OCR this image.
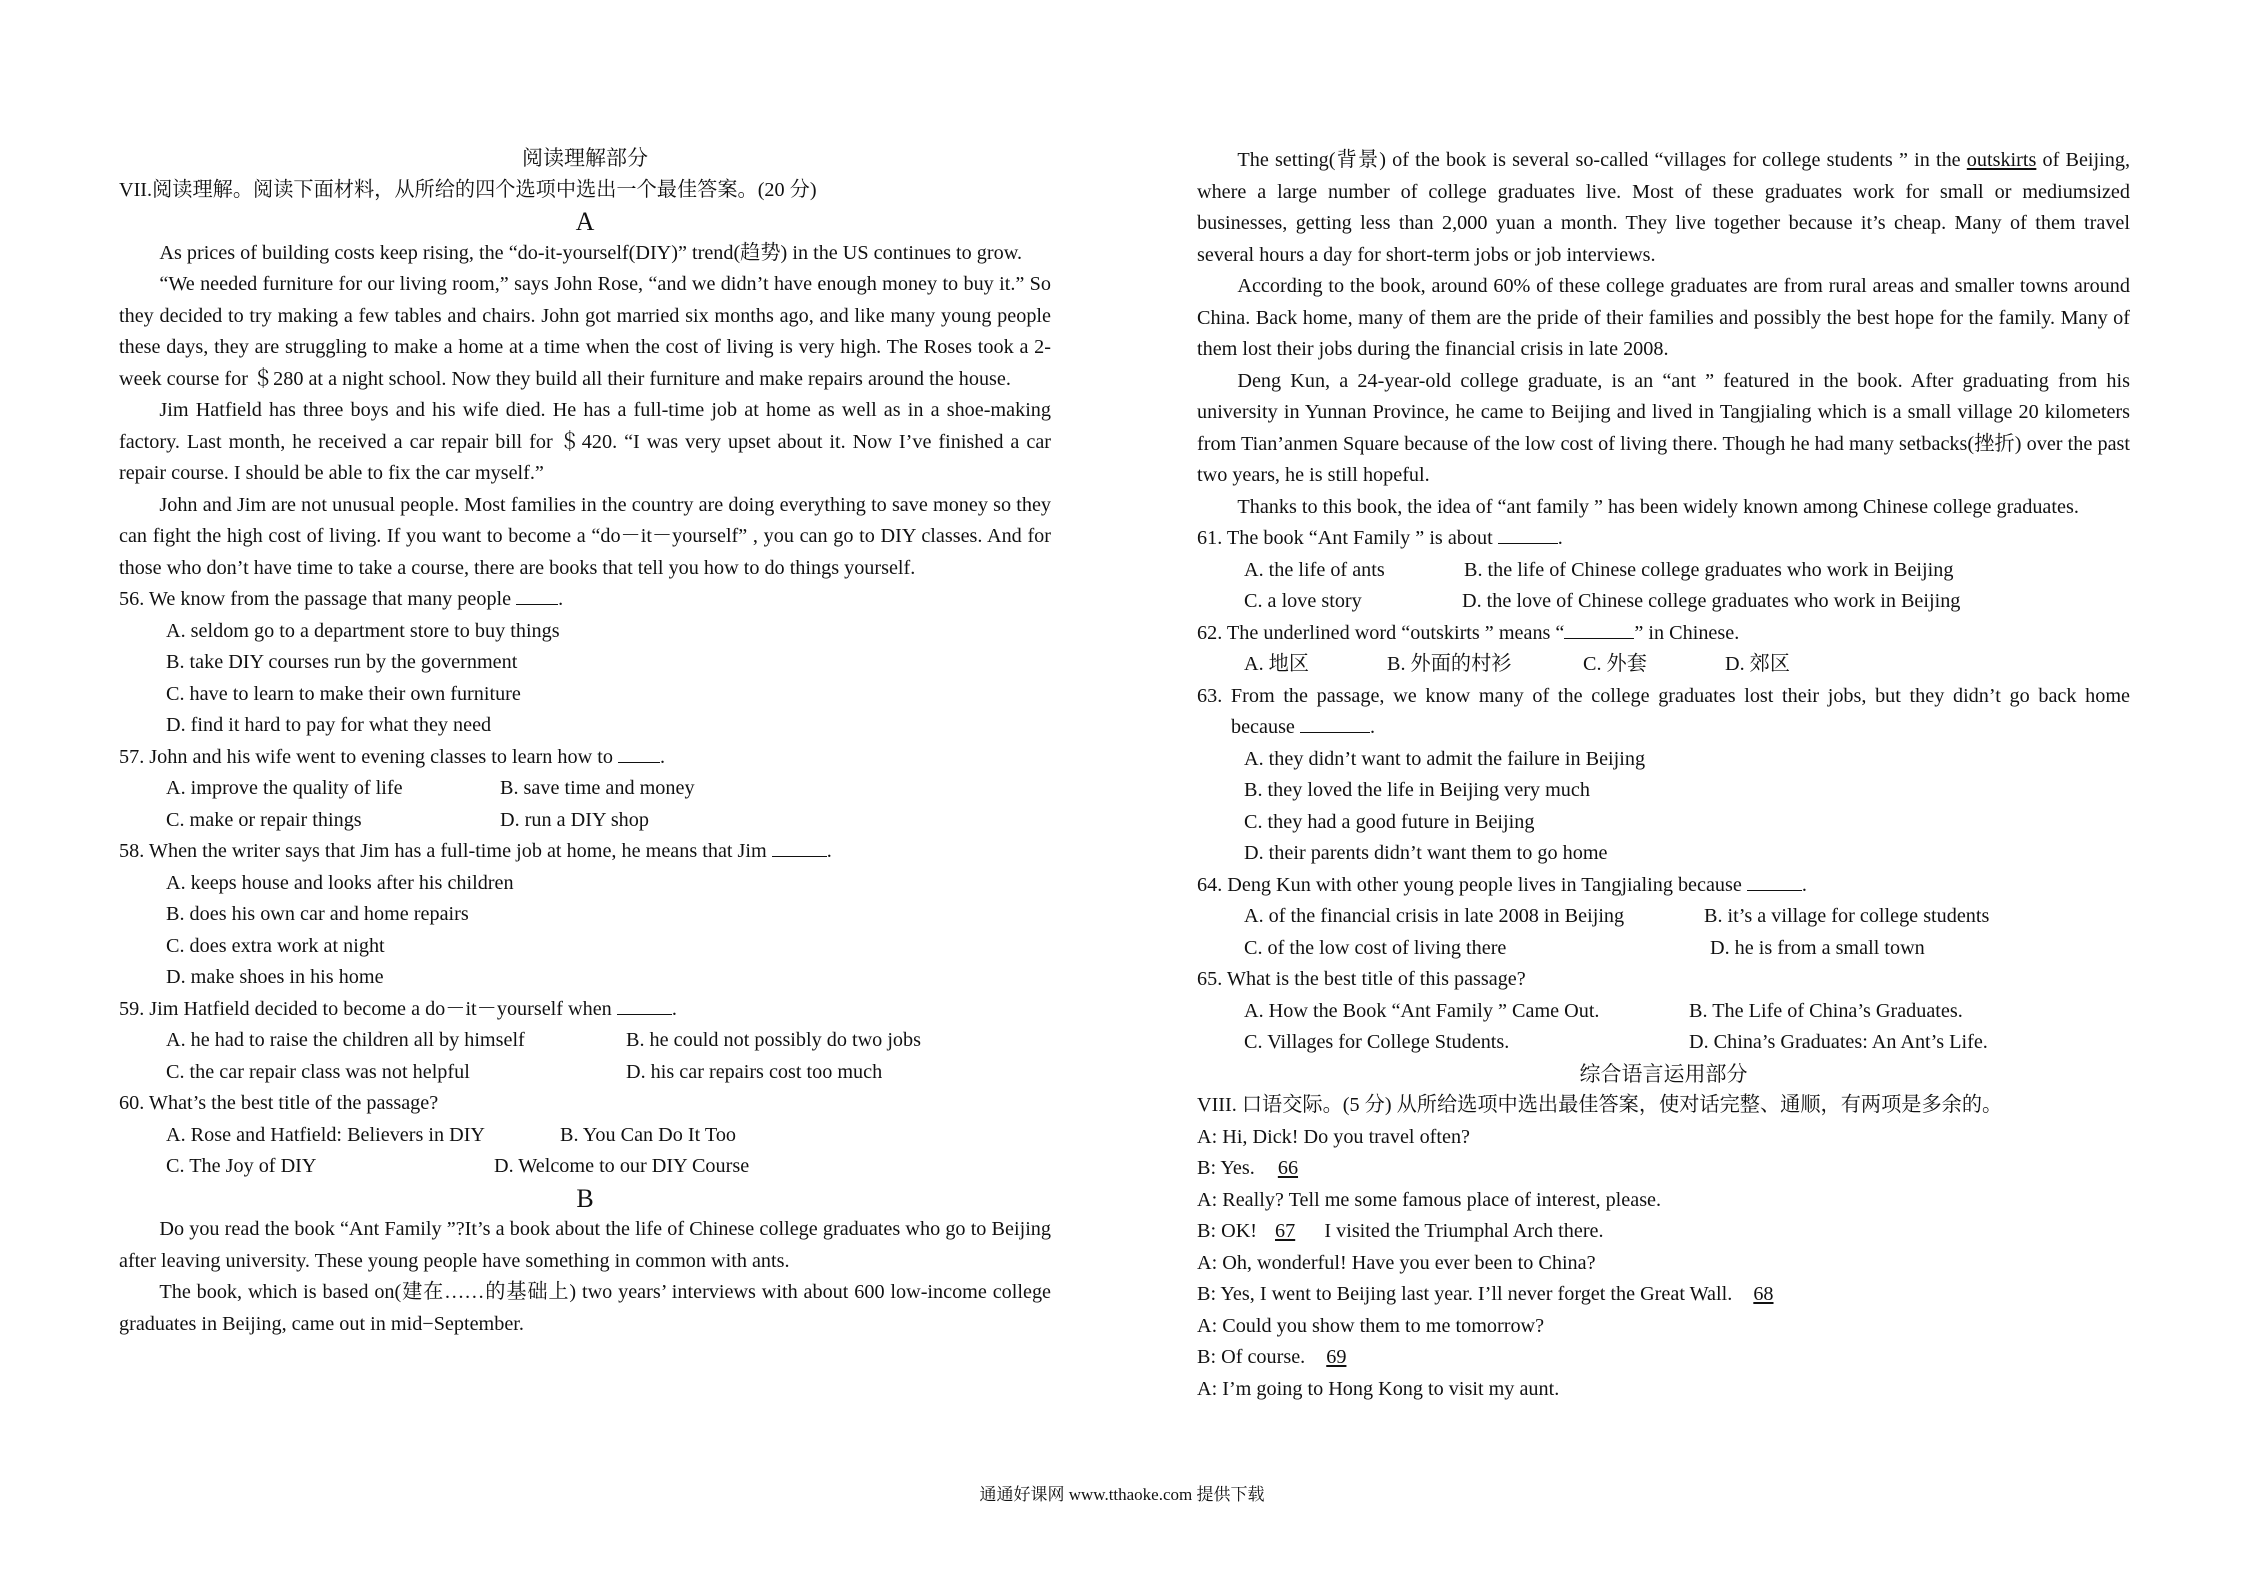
阅读理解部分

VII.阅读理解。阅读下面材料，从所给的四个选项中选出一个最佳答案。(20 分)

A

As prices of building costs keep rising, the “do-it-yourself(DIY)” trend(趋势) in the US continues to grow.

“We needed furniture for our living room,” says John Rose, “and we didn’t have enough money to buy it.” So they decided to try making a few tables and chairs. John got married six months ago, and like many young people these days, they are struggling to make a home at a time when the cost of living is very high. The Roses took a 2-week course for ＄280 at a night school. Now they build all their furniture and make repairs around the house.

Jim Hatfield has three boys and his wife died. He has a full-time job at home as well as in a shoe-making factory. Last month, he received a car repair bill for ＄420. “I was very upset about it. Now I’ve finished a car repair course. I should be able to fix the car myself.”

John and Jim are not unusual people. Most families in the country are doing everything to save money so they can fight the high cost of living. If you want to become a “do－it－yourself” , you can go to DIY classes. And for those who don’t have time to take a course, there are books that tell you how to do things yourself.

56. We know from the passage that many people .

A. seldom go to a department store to buy things

B. take DIY courses run by the government

C. have to learn to make their own furniture

D. find it hard to pay for what they need

57. John and his wife went to evening classes to learn how to .

A. improve the quality of life	B. save time and money
C. make or repair things	D. run a DIY shop

58. When the writer says that Jim has a full-time job at home, he means that Jim	.

A. keeps house and looks after his children

B. does his own car and home repairs

C. does extra work at night

D. make shoes in his home

59. Jim Hatfield decided to become a do－it－yourself when	.

A. he had to raise the children all by himself	B. he could not possibly do two jobs
C. the car repair class was not helpful	D. his car repairs cost too much

60. What’s the best title of the passage?

A. Rose and Hatfield: Believers in DIY	B. You Can Do It Too
C. The Joy of DIY	D. Welcome to our DIY Course

B

Do you read the book “Ant Family ”?It’s a book about the life of Chinese college graduates who go to Beijing after leaving university. These young people have something in common with ants.

The book, which is based on(建在……的基础上) two years’ interviews with about 600 low-income college graduates in Beijing, came out in mid−September.

The setting(背景) of the book is several so-called “villages for college students ” in the outskirts of Beijing, where a large number of college graduates live. Most of these graduates work for small or mediumsized businesses, getting less than 2,000 yuan a month. They live together because it’s cheap. Many of them travel several hours a day for short-term jobs or job interviews.

According to the book, around 60% of these college graduates are from rural areas and smaller towns around China. Back home, many of them are the pride of their families and possibly the best hope for the family. Many of them lost their jobs during the financial crisis in late 2008.

Deng Kun, a 24-year-old college graduate, is an “ant ” featured in the book. After graduating from his university in Yunnan Province, he came to Beijing and lived in Tangjialing which is a small village 20 kilometers from Tian’anmen Square because of the low cost of living there. Though he had many setbacks(挫折) over the past two years, he is still hopeful.

Thanks to this book, the idea of “ant family ” has been widely known among Chinese college graduates.

61. The book “Ant Family ” is about	.

A. the life of ants	B. the life of Chinese college graduates who work in Beijing
C. a love story	D. the love of Chinese college graduates who work in Beijing

62. The underlined word “outskirts ” means “	” in Chinese.

A. 地区	B. 外面的村衫	C. 外套	D. 郊区

63. From the passage, we know many of the college graduates lost their jobs, but they didn’t go back home because	.

A. they didn’t want to admit the failure in Beijing

B. they loved the life in Beijing very much

C. they had a good future in Beijing

D. their parents didn’t want them to go home

64. Deng Kun with other young people lives in Tangjialing because	.

A. of the financial crisis in late 2008 in Beijing	B. it’s a village for college students
C. of the low cost of living there	D. he is from a small town

65. What is the best title of this passage?

A. How the Book “Ant Family ” Came Out.	B. The Life of China’s Graduates.
C. Villages for College Students.	D. China’s Graduates: An Ant’s Life.

综合语言运用部分

VIII. 口语交际。(5 分) 从所给选项中选出最佳答案，使对话完整、通顺，有两项是多余的。

A: Hi, Dick! Do you travel often?

B: Yes. 66

A: Really? Tell me some famous place of interest, please.

B: OK! 67 I visited the Triumphal Arch there.

A: Oh, wonderful! Have you ever been to China?

B: Yes, I went to Beijing last year. I’ll never forget the Great Wall. 68

A: Could you show them to me tomorrow?

B: Of course. 69

A: I’m going to Hong Kong to visit my aunt.

通通好课网 www.tthaoke.com 提供下载
